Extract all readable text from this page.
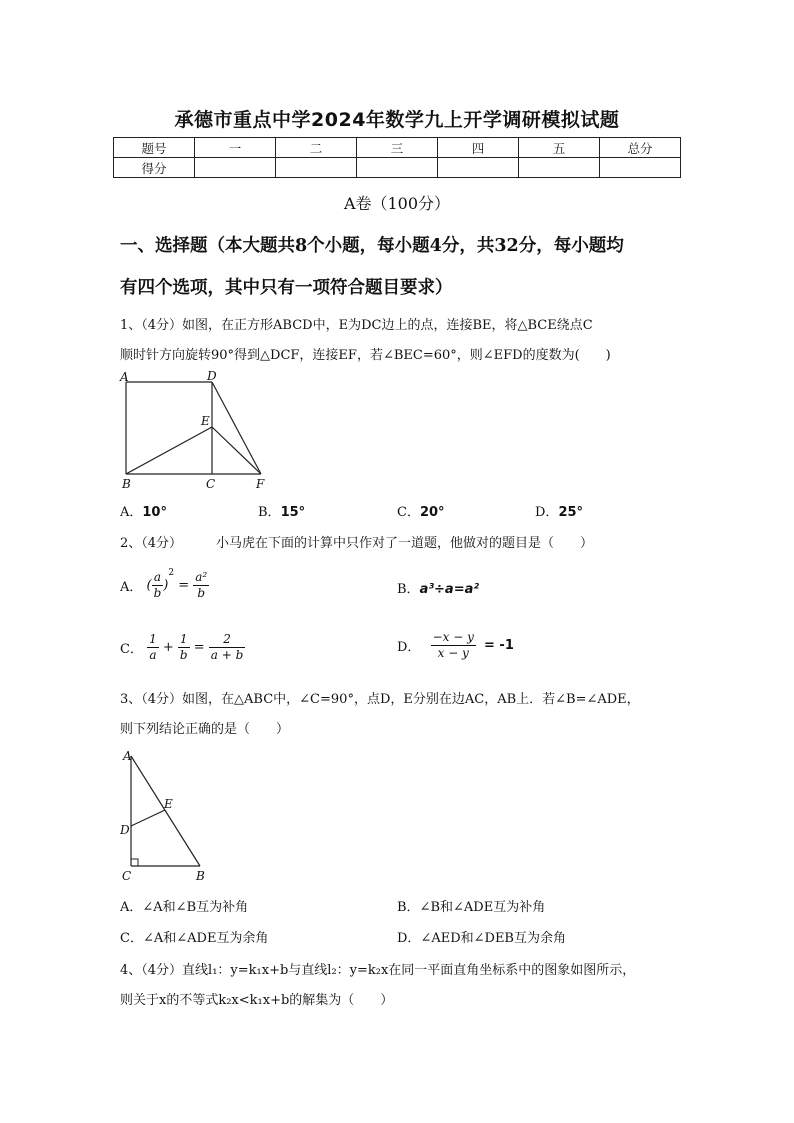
承德市重点中学2024年数学九上开学调研模拟试题
题号	一	二	三	四	五	总分
得分						
A卷（100分）
一、选择题（本大题共8个小题，每小题4分，共32分，每小题均
有四个选项，其中只有一项符合题目要求）
1、（4分）如图，在正方形ABCD中，E为DC边上的点，连接BE，将△BCE绕点C
顺时针方向旋转90°得到△DCF，连接EF，若∠BEC=60°，则∠EFD的度数为(　　)
A	D
E
B	C	F
A．10°	B．15°	C．20°	D．25°
2、（4分）	小马虎在下面的计算中只作对了一道题，他做对的题目是（　　）
A． ( $\frac{a}{b} )^2 = \frac{\text{a²}}{b}$	B．a³÷a=a²
C． $\frac{1}{a} + \frac{1}{b} = \frac{2}{a + b}$	D． $\frac{-x - y}{x - y} = -1$
3、（4分）如图，在△ABC中，∠C=90°，点D，E分别在边AC，AB上．若∠B=∠ADE，
则下列结论正确的是（　　）
A
E
D
C	B
A．∠A和∠B互为补角	B．∠B和∠ADE互为补角
C．∠A和∠ADE互为余角	D．∠AED和∠DEB互为余角
4、（4分）直线l₁：y=k₁x+b与直线l₂：y=k₂x在同一平面直角坐标系中的图象如图所示，
则关于x的不等式k₂x<k₁x+b的解集为（　　）
